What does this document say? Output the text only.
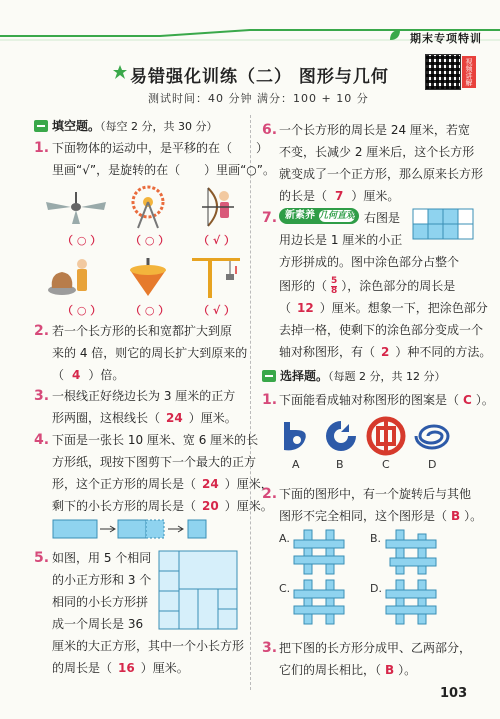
期末专项特训
易错强化训练（二） 图形与几何
测试时间：40 分钟 满分：100 + 10 分
视频讲解
填空题。（每空 2 分，共 30 分）
1. 下面物体的运动中，是平移的在（　　）
里画“√”，是旋转的在（　　）里画“○”。
（ ○ ）	（ ○ ）	（ √ ）
（ ○ ）	（ ○ ）	（ √ ）
2. 若一个长方形的长和宽都扩大到原
来的 4 倍，则它的周长扩大到原来的
（ 4 ）倍。
3. 一根线正好绕边长为 3 厘米的正方
形两圈，这根线长（ 24 ）厘米。
4. 下面是一张长 10 厘米、宽 6 厘米的长
方形纸，现按下图剪下一个最大的正方
形，这个正方形的周长是（ 24 ）厘米，
剩下的小长方形的周长是（ 20 ）厘米。
5. 如图，用 5 个相同
的小正方形和 3 个
相同的小长方形拼
成一个周长是 36
厘米的大正方形，其中一个小长方形
的周长是（ 16 ）厘米。
6. 一个长方形的周长是 24 厘米，若宽
不变，长减少 2 厘米后，这个长方形
就变成了一个正方形，那么原来长方形
的长是（ 7 ）厘米。
7. 新素养 几何直观 右图是
用边长是 1 厘米的小正
方形拼成的。图中涂色部分占整个
图形的（ $\frac{5}{8}$ ），涂色部分的周长是
（ 12 ）厘米。想象一下，把涂色部分
去掉一格，使剩下的涂色部分变成一个
轴对称图形，有（ 2 ）种不同的方法。
选择题。（每题 2 分，共 12 分）
1. 下面能看成轴对称图形的图案是（ C ）。
A	B	C	D
2. 下面的图形中，有一个旋转后与其他
图形不完全相同，这个图形是（ B ）。
A.	B.
C.	D.
3. 把下图的长方形分成甲、乙两部分，
它们的周长相比，（ B ）。
103
